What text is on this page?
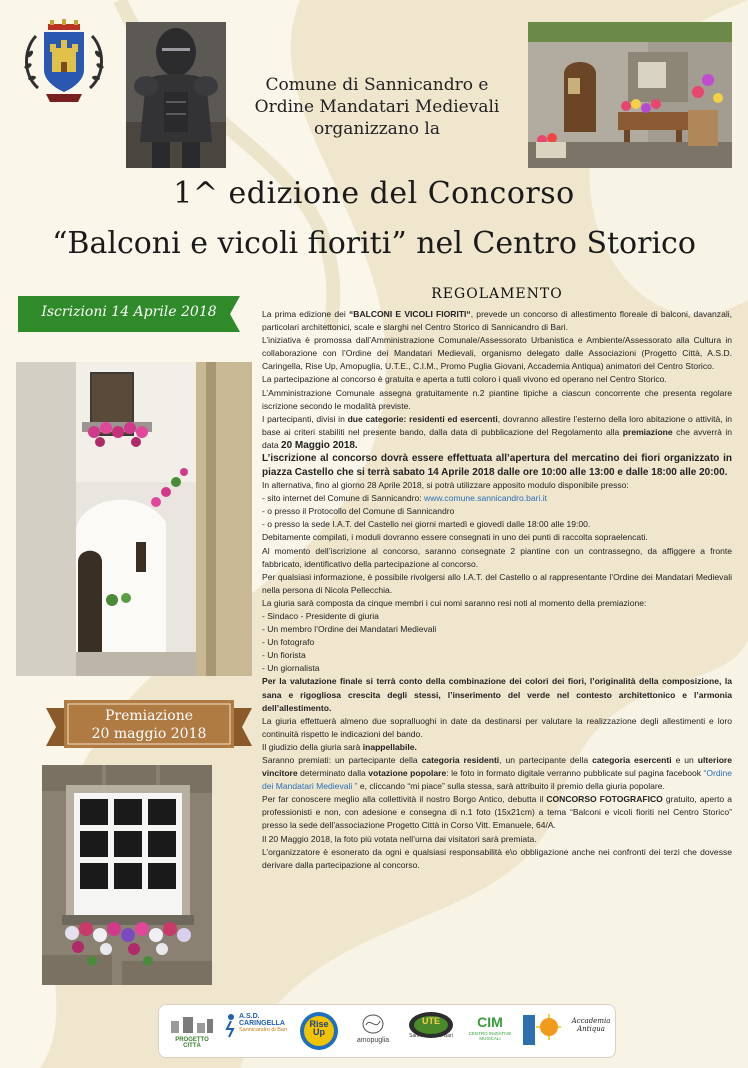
Comune di Sannicandro e
Ordine Mandatari Medievali
organizzano la
1^ edizione del Concorso
“Balconi e vicoli fioriti” nel Centro Storico
Iscrizioni 14 Aprile 2018
Premiazione
20 maggio 2018
REGOLAMENTO

La prima edizione dei “BALCONI E VICOLI FIORITI“, prevede un concorso di allestimento floreale di balconi, davanzali, particolari architettonici, scale e slarghi nel Centro Storico di Sannicandro di Bari.

L’iniziativa è promossa dall’Amministrazione Comunale/Assessorato Urbanistica e Ambiente/Assessorato alla Cultura in collaborazione con l’Ordine dei Mandatari Medievali, organismo delegato dalle Associazioni (Progetto Città, A.S.D. Caringella, Rise Up, Amopuglia, U.T.E., C.I.M., Promo Puglia Giovani, Accademia Antiqua) animatori del Centro Storico.

La partecipazione al concorso è gratuita e aperta a tutti coloro i quali vivono ed operano nel Centro Storico.

L’Amministrazione Comunale assegna gratuitamente n.2 piantine tipiche a ciascun concorrente che presenta regolare iscrizione secondo le modalità previste.

I partecipanti, divisi in due categorie: residenti ed esercenti, dovranno allestire l’esterno della loro abitazione o attività, in base ai criteri stabiliti nel presente bando, dalla data di pubblicazione del Regolamento alla premiazione che avverrà in data 20 Maggio 2018.

L’iscrizione al concorso dovrà essere effettuata all’apertura del mercatino dei fiori organizzato in piazza Castello che si terrà sabato 14 Aprile 2018 dalle ore 10:00 alle 13:00 e dalle 18:00 alle 20:00.

In alternativa, fino al giorno 28 Aprile 2018, si potrà utilizzare apposito modulo disponibile presso:

- sito internet del Comune di Sannicandro: www.comune.sannicandro.bari.it

- o presso il Protocollo del Comune di Sannicandro

- o presso la sede I.A.T. del Castello nei giorni martedì e giovedì dalle 18:00 alle 19:00.

Debitamente compilati, i moduli dovranno essere consegnati in uno dei punti di raccolta sopraelencati.

Al momento dell’iscrizione al concorso, saranno consegnate 2 piantine con un contrassegno, da affiggere a fronte fabbricato, identificativo della partecipazione al concorso.

Per qualsiasi informazione, è possibile rivolgersi allo I.A.T. del Castello o al rappresentante l’Ordine dei Mandatari Medievali nella persona di Nicola Pellecchia.

La giuria sarà composta da cinque membri i cui nomi saranno resi noti al momento della premiazione:

- Sindaco - Presidente di giuria

- Un membro l’Ordine dei Mandatari Medievali

- Un fotografo

- Un fiorista

- Un giornalista

Per la valutazione finale si terrà conto della combinazione dei colori dei fiori, l’originalità della composizione, la sana e rigogliosa crescita degli stessi, l’inserimento del verde nel contesto architettonico e l’armonia dell’allestimento.

La giuria effettuerà almeno due sopralluoghi in date da destinarsi per valutare la realizzazione degli allestimenti e loro continuità rispetto le indicazioni del bando.

Il giudizio della giuria sarà inappellabile.

Saranno premiati: un partecipante della categoria residenti, un partecipante della categoria esercenti e un ulteriore vincitore determinato dalla votazione popolare: le foto in formato digitale verranno pubblicate sul pagina facebook “Ordine dei Mandatari Medievali ” e, cliccando “mi piace” sulla stessa, sarà attribuito il premio della giuria popolare.

Per far conoscere meglio alla collettività il nostro Borgo Antico, debutta il CONCORSO FOTOGRAFICO gratuito, aperto a professionisti e non, con adesione e consegna di n.1 foto (15x21cm) a tema “Balconi e vicoli fioriti nel Centro Storico” presso la sede dell’associazione Progetto Città in Corso Vitt. Emanuele, 64/A.

Il 20 Maggio 2018, la foto più votata nell’urna dai visitatori sarà premiata.

L’organizzatore è esonerato da ogni e qualsiasi responsabilità e\o obbligazione anche nei confronti dei terzi che dovesse derivare dalla partecipazione al concorso.

PROGETTO CITTÀ
A.S.D. CARINGELLA
Sannicandro di Bari
Rise
Up
amopuglia
UTE
Sannicandro di Bari
CIM
CENTRO INIZIATIVE MUSICALI
Accademia
Antiqua
